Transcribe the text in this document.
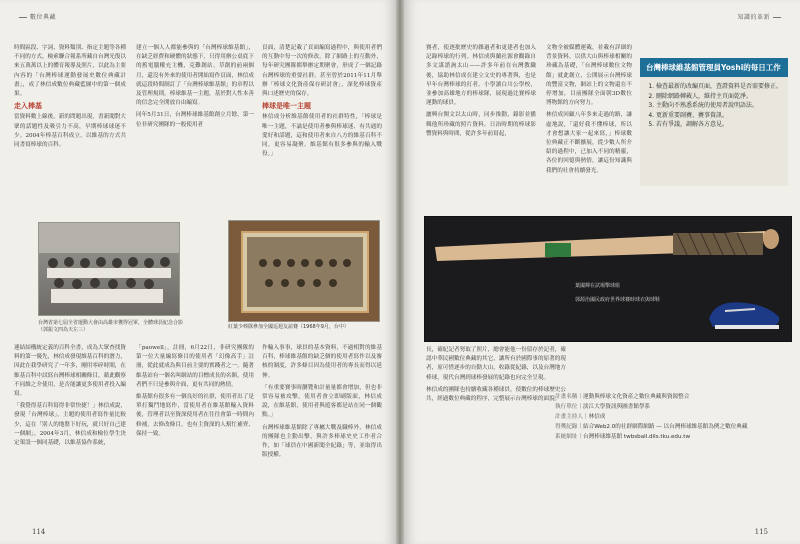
數位典藏

時間區段、字詞、資料類別、指定主題等各種不同的方式，檢索聯合報系所藏自台灣光復以來五萬萬以上的體育報導及照片，以此為主要內容的「台灣棒球運動發展史數位典藏計畫」，成了林信成數位典藏藍圖中的第一個成果。

走入棒基

當資料數上線後，新的問題出現，書新聞對大眾的話題性及吸引力不高，早期棒球球迷不少。2004年棒基百科成立，以維基的方式共同書寫棒球的百科。

建立一個人人都能參與的「台灣棒球維基館」，在缺乏經費和硬體的狀態下，只得用辦公桌底下的舊電腦權充主機，克難創站。草創的前兩個月，還沒有外來的使用者開始寫作頁面，林信成就這段時間制訂了「台灣棒球維基館」的章程以及管理規則。棒球維基一主題，基於對人性本善的信念完全開放自由編寫。

同年5月31日，台灣棒球維基館創立月餘，第一位非研究團隊的一般使用者

頁面，清楚記載了頁面編寫過程中，與使用者們的互動中每一次的修改。除了網路上的互動外，每年研究團隊都舉辦定期聚會，形成了一個記錄台灣棒球的重要社群。甚至曾於2011年11月舉辦「棒球文化資產保存研討會」，深化棒球資產與口述歷史的保存。

棒球是唯一主題

林信成分析維基館使用者的社群特性，「棒球是唯一主題，不論是使用者參與棒球迷、有共通的愛好和話題，這和使用者來自八方的維基百科不同，更容易凝聚。維基館有很多參與的輸入戰役。」

台灣省第七屆全省運動大會由高雄市獲得冠軍，全體球員紀念合影（郭振文四為天左三）	紅葉少棒隊參加全國巡迴友誼賽（1968年9月，台中）

連結結構統定義的百科全書，成為大眾查找資料的第一優先，林信成發現維基百科的潛力，因此在我學研究了一年多，剛用零碎時間，在維基百科中試寫台灣棒球相關條目，藉此觀察不同維之介使用，是否能讓更多使用者投入編寫。

「我覺得基百科寫得非常快捷！」林信成說，發現「台灣棒球」，主題的使用者寫作量比較少，這在「別人的地盤下好玩，就只好自己建一個網」，2004年3月，林信成和檢位學生決定架設一個同基礎，以維基協作系統，

「paowell」，註冊，6月22日，非研究團隊的第一位大量編寫條目的使用者「幻像高手」註冊，從此就成為與目前主要的實踐者之一。隨著維基站有一個名叫網站的目標成長的名額，使用者們不只是參與介面，更有共同的熱情。

維基館有很多有一個良好的社群，使用者出了是單打獨鬥地寫作，當使用者在維基館輸入資料後，管理者以至資深使用者在往往會第一時間內修補，去修改條目，也有主資深的人幫忙補齊、保持一致。

作輸入事事，球員的基本資料，不過相對的維基百科，棒球維基館的缺乏個的使用者寫作以及審核的制度，許多條目因為使用者的專長而得以延伸。

「有重要賽事時瀏覽和計量量都會增加，但也非常容易被攻擊，使用者會立即刷版面，林信成說，在維基館，使用者與遊客都是站在同一個觀點。」

台灣棒球維基館除了專屬大戰及職棒外，林信成的團隊也主動出擊，與許多棒球史史工作者合作，如「球員在中國新聞全紀錄」等，並取得出版授權。

114
知識的革新

賽者，使逐批歷史的雜過者和更建者也加入記錄棒球的行列。林信成與蘭社源會觀錄自多文謀諮詢太山——許多年前在台灣教職後，協助林信成在建立文史的專著與，也是早年台灣棒球的打者。小學讀白川公學校，並參加高雄地方的棒球隊，展現過比賽棒球運動的球員。

灑興台閩文以太山時，同步推動，錄影並播輯他所珍藏的照片資料，日治時期的棒球影響資料與時間，從許多年前寫起，

文物全被媒體運載，並載有詳細的背景資料，以供大山與棒球相關的珍藏為基礎，「台灣棒球數位文物館」就此創立，公開展示台灣棒球的豐富文物，網站上的文物還在不停增加，目前團隊全面朝3D數位博物館的方向努力。

林信成回顧八年多來走過的路，謙虛地說，「還好我不懂棒球，所以才會想讓大家一起來寫，」棒球數位典藏正不斷擴展，從少數人所介紹的過程中，已加入不同的精靈，各位的回憶與熱情，讓這份知識與我們的社會持續發光。

葉國輝在試場擊球組
郭源治國民政府世界球賽時球衣與球鞋

長，確紀記者努取了照片，總會能他一份留存於記者，確認中華民國數位典藏的其它，讓所有於國際事的原著的現者，原可惜逐步的自動大山，收錄從紀錄，以及台灣地方棒球，現代台灣到球棒發展的紀錄也向完全呈現。

林信成的團隊也持續收藏各種球員，使數位的棒球歷史公共，經過數位典藏的程序，完整展示台灣棒球的面貌。

115
台灣棒球維基館管理員Yoshi的每日工作
1. 檢查最新的改編頁面，查證資料是否需要修正。
2. 刪除網路轉載人，維持主頁面乾淨。
3. 主動向不熟悉系統的使用者說明語法。
4. 更新重要副賽、賽事資訊。
5. 若有爭議，調解各方意見。
計畫名稱｜運動與棒球文化資產之數位典藏與資源整合
執行單位｜淡江大學資訊與圖書館學系
計畫主持人｜林信成
得獎紀錄｜結合Web2.0的社群網際網路 — 以台灣棒球維基館為例之數位典藏
系統網址｜台灣棒球維基館 twbsball.dils.tku.edu.tw
